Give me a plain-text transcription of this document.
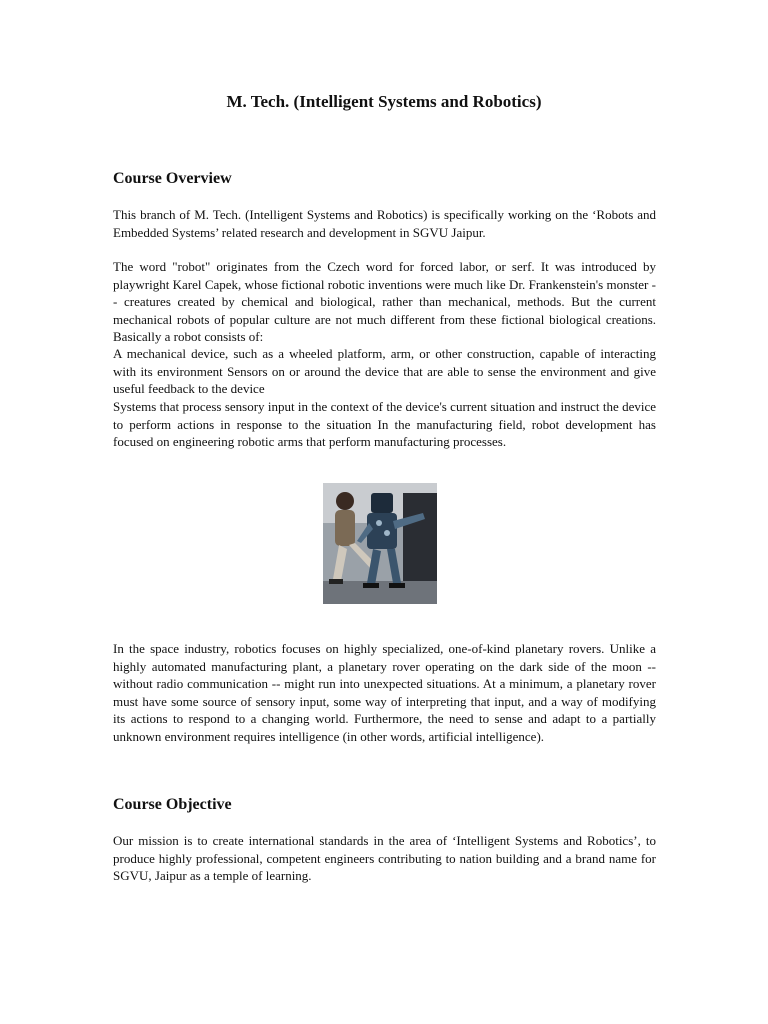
M. Tech. (Intelligent Systems and Robotics)
Course Overview

This branch of M. Tech. (Intelligent Systems and Robotics) is specifically working on the ‘Robots and Embedded Systems’ related research and development in SGVU Jaipur.

The word "robot" originates from the Czech word for forced labor, or serf. It was introduced by playwright Karel Capek, whose fictional robotic inventions were much like Dr. Frankenstein's monster -- creatures created by chemical and biological, rather than mechanical, methods. But the current mechanical robots of popular culture are not much different from these fictional biological creations. Basically a robot consists of:

A mechanical device, such as a wheeled platform, arm, or other construction, capable of interacting with its environment Sensors on or around the device that are able to sense the environment and give useful feedback to the device

Systems that process sensory input in the context of the device's current situation and instruct the device to perform actions in response to the situation In the manufacturing field, robot development has focused on engineering robotic arms that perform manufacturing processes.

In the space industry, robotics focuses on highly specialized, one-of-kind planetary rovers. Unlike a highly automated manufacturing plant, a planetary rover operating on the dark side of the moon -- without radio communication -- might run into unexpected situations. At a minimum, a planetary rover must have some source of sensory input, some way of interpreting that input, and a way of modifying its actions to respond to a changing world. Furthermore, the need to sense and adapt to a partially unknown environment requires intelligence (in other words, artificial intelligence).

Course Objective

Our mission is to create international standards in the area of ‘Intelligent Systems and Robotics’, to produce highly professional, competent engineers contributing to nation building and a brand name for SGVU, Jaipur as a temple of learning.
